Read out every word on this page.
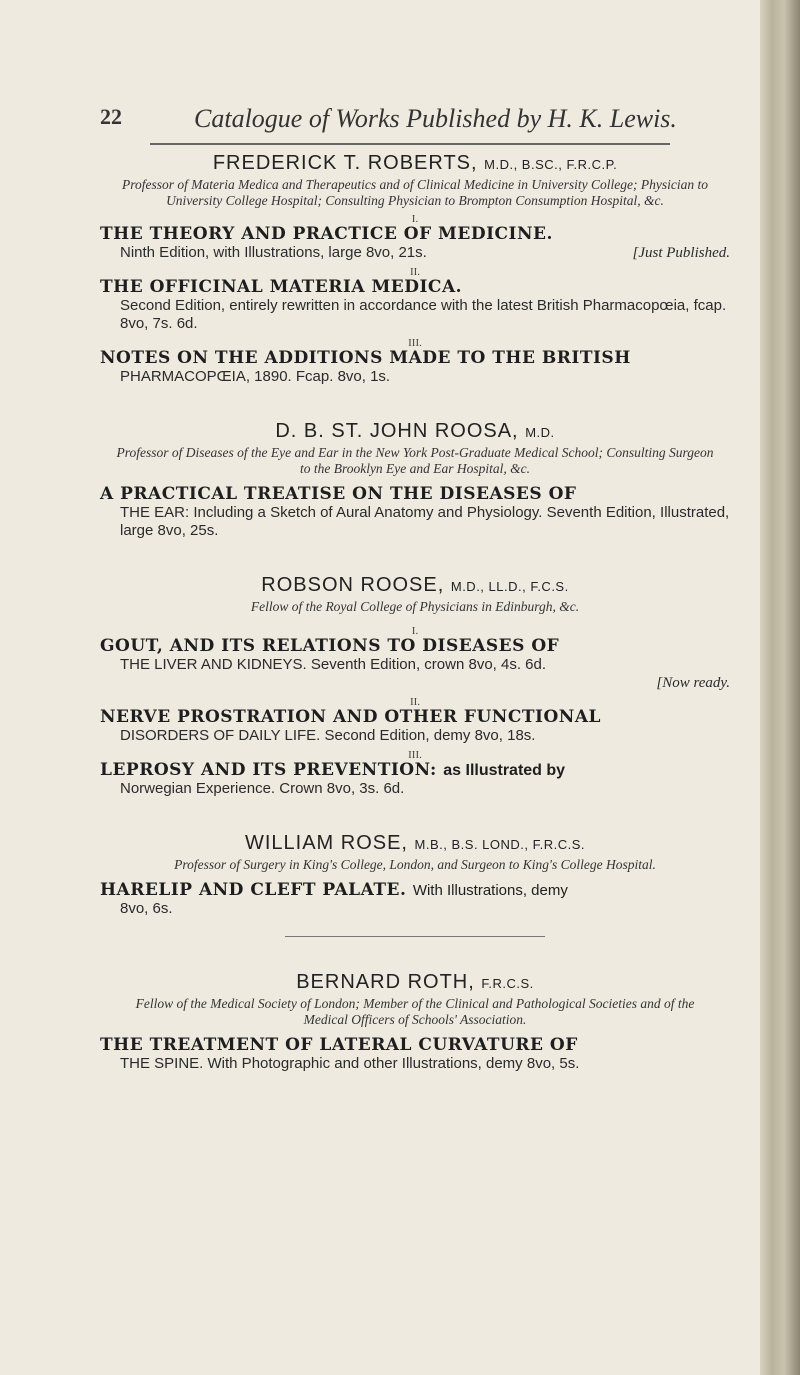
22	Catalogue of Works Published by H. K. Lewis.

FREDERICK T. ROBERTS, M.D., B.SC., F.R.C.P.

Professor of Materia Medica and Therapeutics and of Clinical Medicine in University College; Physician to University College Hospital; Consulting Physician to Brompton Consumption Hospital, &c.
I.
THE THEORY AND PRACTICE OF MEDICINE.
[Just Published.
Ninth Edition, with Illustrations, large 8vo, 21s.
II.
THE OFFICINAL MATERIA MEDICA.
Second Edition, entirely rewritten in accordance with the latest British Pharmacopœia, fcap. 8vo, 7s. 6d.
III.
NOTES ON THE ADDITIONS MADE TO THE BRITISH
PHARMACOPŒIA, 1890. Fcap. 8vo, 1s.

D. B. ST. JOHN ROOSA, M.D.

Professor of Diseases of the Eye and Ear in the New York Post-Graduate Medical School; Consulting Surgeon to the Brooklyn Eye and Ear Hospital, &c.
A PRACTICAL TREATISE ON THE DISEASES OF
THE EAR: Including a Sketch of Aural Anatomy and Physiology. Seventh Edition, Illustrated, large 8vo, 25s.

ROBSON ROOSE, M.D., LL.D., F.C.S.

Fellow of the Royal College of Physicians in Edinburgh, &c.
I.
GOUT, AND ITS RELATIONS TO DISEASES OF
THE LIVER AND KIDNEYS. Seventh Edition, crown 8vo, 4s. 6d.
[Now ready.
II.
NERVE PROSTRATION AND OTHER FUNCTIONAL
DISORDERS OF DAILY LIFE. Second Edition, demy 8vo, 18s.
III.
LEPROSY AND ITS PREVENTION: as Illustrated by
Norwegian Experience. Crown 8vo, 3s. 6d.

WILLIAM ROSE, M.B., B.S. LOND., F.R.C.S.

Professor of Surgery in King's College, London, and Surgeon to King's College Hospital.
HARELIP AND CLEFT PALATE. With Illustrations, demy
8vo, 6s.

BERNARD ROTH, F.R.C.S.

Fellow of the Medical Society of London; Member of the Clinical and Pathological Societies and of the Medical Officers of Schools' Association.
THE TREATMENT OF LATERAL CURVATURE OF
THE SPINE. With Photographic and other Illustrations, demy 8vo, 5s.
